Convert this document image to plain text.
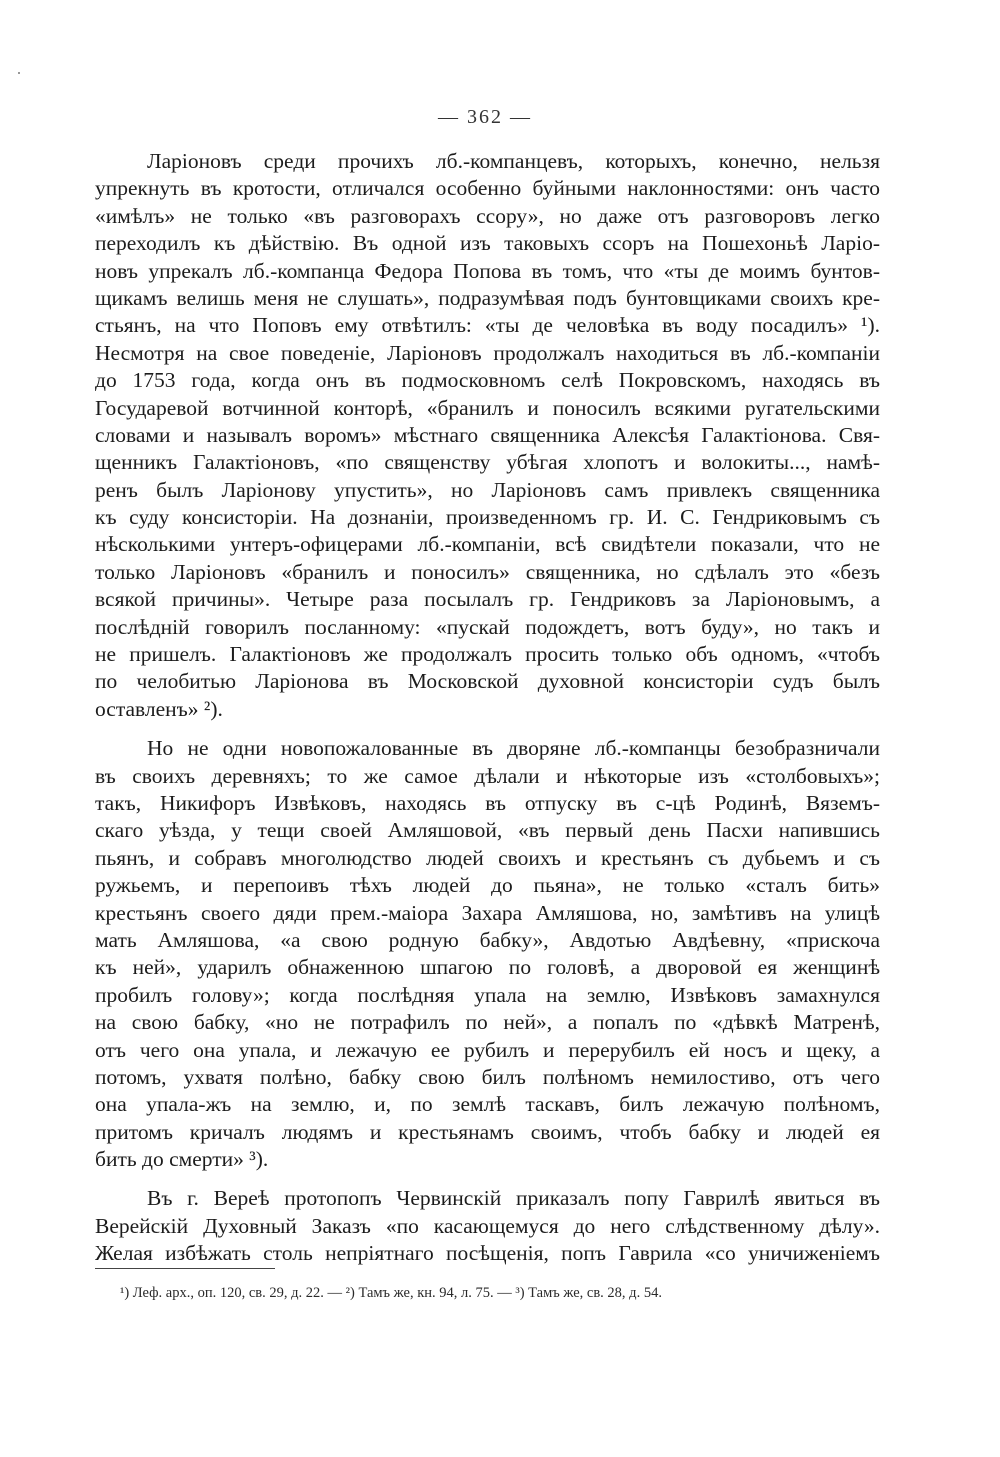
— 362 —
Ларіоновъ среди прочихъ лб.-компанцевъ, которыхъ, конечно, нельзя
упрекнуть въ кротости, отличался особенно буйными наклонностями: онъ часто
«имѣлъ» не только «въ разговорахъ ссору», но даже отъ разговоровъ легко
переходилъ къ дѣйствію. Въ одной изъ таковыхъ ссоръ на Пошехоньѣ Ларіо-
новъ упрекалъ лб.-компанца Федора Попова въ томъ, что «ты де моимъ бунтов-
щикамъ велишь меня не слушать», подразумѣвая подъ бунтовщиками своихъ кре-
стьянъ, на что Поповъ ему отвѣтилъ: «ты де человѣка въ воду посадилъ» ¹).
Несмотря на свое поведеніе, Ларіоновъ продолжалъ находиться въ лб.-компаніи
до 1753 года, когда онъ въ подмосковномъ селѣ Покровскомъ, находясь въ
Государевой вотчинной конторѣ, «бранилъ и поносилъ всякими ругательскими
словами и называлъ воромъ» мѣстнаго священника Алексѣя Галактіонова. Свя-
щенникъ Галактіоновъ, «по священству убѣгая хлопотъ и волокиты..., намѣ-
ренъ былъ Ларіонову упустить», но Ларіоновъ самъ привлекъ священника
къ суду консисторіи. На дознаніи, произведенномъ гр. И. С. Гендриковымъ съ
нѣсколькими унтеръ-офицерами лб.-компаніи, всѣ свидѣтели показали, что не
только Ларіоновъ «бранилъ и поносилъ» священника, но сдѣлалъ это «безъ
всякой причины». Четыре раза посылалъ гр. Гендриковъ за Ларіоновымъ, а
послѣдній говорилъ посланному: «пускай подождетъ, вотъ буду», но такъ и
не пришелъ. Галактіоновъ же продолжалъ просить только объ одномъ, «чтобъ
по челобитью Ларіонова въ Московской духовной консисторіи судъ былъ
оставленъ» ²).
Но не одни новопожалованные въ дворяне лб.-компанцы безобразничали
въ своихъ деревняхъ; то же самое дѣлали и нѣкоторые изъ «столбовыхъ»;
такъ, Никифоръ Извѣковъ, находясь въ отпуску въ с-цѣ Родинѣ, Вяземъ-
скаго уѣзда, у тещи своей Амляшовой, «въ первый день Пасхи напившись
пьянъ, и собравъ многолюдство людей своихъ и крестьянъ съ дубьемъ и съ
ружьемъ, и перепоивъ тѣхъ людей до пьяна», не только «сталъ бить»
крестьянъ своего дяди прем.-маіора Захара Амляшова, но, замѣтивъ на улицѣ
мать Амляшова, «а свою родную бабку», Авдотью Авдѣевну, «прискоча
къ ней», ударилъ обнаженною шпагою по головѣ, а дворовой ея женщинѣ
пробилъ голову»; когда послѣдняя упала на землю, Извѣковъ замахнулся
на свою бабку, «но не потрафилъ по ней», а попалъ по «дѣвкѣ Матренѣ,
отъ чего она упала, и лежачую ее рубилъ и перерубилъ ей носъ и щеку, а
потомъ, ухватя полѣно, бабку свою билъ полѣномъ немилостиво, отъ чего
она упала-жъ на землю, и, по землѣ таскавъ, билъ лежачую полѣномъ,
притомъ кричалъ людямъ и крестьянамъ своимъ, чтобъ бабку и людей ея
бить до смерти» ³).
Въ г. Вереѣ протопопъ Червинскій приказалъ попу Гаврилѣ явиться въ
Верейскій Духовный Заказъ «по касающемуся до него слѣдственному дѣлу».
Желая избѣжать столь непріятнаго посѣщенія, попъ Гаврила «со уничиженіемъ
¹) Леф. арх., оп. 120, св. 29, д. 22. — ²) Тамъ же, кн. 94, л. 75. — ³) Тамъ же, св. 28, д. 54.
